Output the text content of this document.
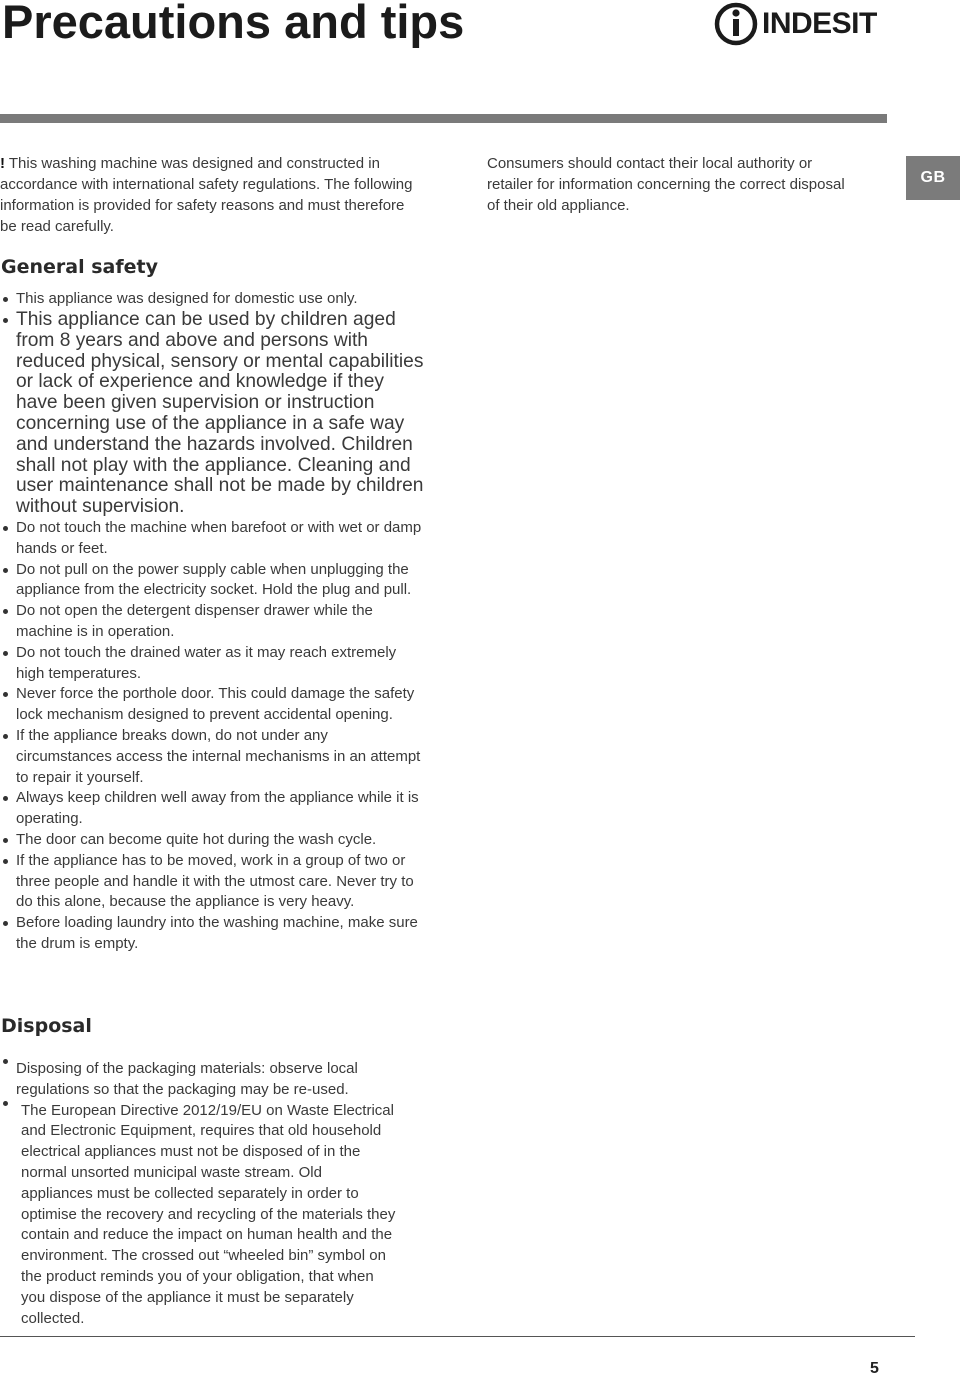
Precautions and tips	INDESIT

! This washing machine was designed and constructed in accordance with international safety regulations. The following information is provided for safety reasons and must therefore be read carefully.

Consumers should contact their local authority or retailer for information concerning the correct disposal of their old appliance.

GB
General safety
This appliance was designed for domestic use only.
This appliance can be used by children aged from 8 years and above and persons with reduced physical, sensory or mental capabilities or lack of experience and knowledge if they have been given supervision or instruction concerning use of the appliance in a safe way and understand the hazards involved. Children shall not play with the appliance. Cleaning and user maintenance shall not be made by children without supervision.
Do not touch the machine when barefoot or with wet or damp hands or feet.
Do not pull on the power supply cable when unplugging the appliance from the electricity socket. Hold the plug and pull.
Do not open the detergent dispenser drawer while the machine is in operation.
Do not touch the drained water as it may reach extremely high temperatures.
Never force the porthole door. This could damage the safety lock mechanism designed to prevent accidental opening.
If the appliance breaks down, do not under any circumstances access the internal mechanisms in an attempt to repair it yourself.
Always keep children well away from the appliance while it is operating.
The door can become quite hot during the wash cycle.
If the appliance has to be moved, work in a group of two or three people and handle it with the utmost care. Never try to do this alone, because the appliance is very heavy.
Before loading laundry into the washing machine, make sure the drum is empty.
Disposal
Disposing of the packaging materials: observe local regulations so that the packaging may be re-used.
The European Directive 2012/19/EU on Waste Electrical and Electronic Equipment, requires that old household electrical appliances must not be disposed of in the normal unsorted municipal waste stream. Old appliances must be collected separately in order to optimise the recovery and recycling of the materials they contain and reduce the impact on human health and the environment. The crossed out “wheeled bin” symbol on the product reminds you of your obligation, that when you dispose of the appliance it must be separately collected.
5
